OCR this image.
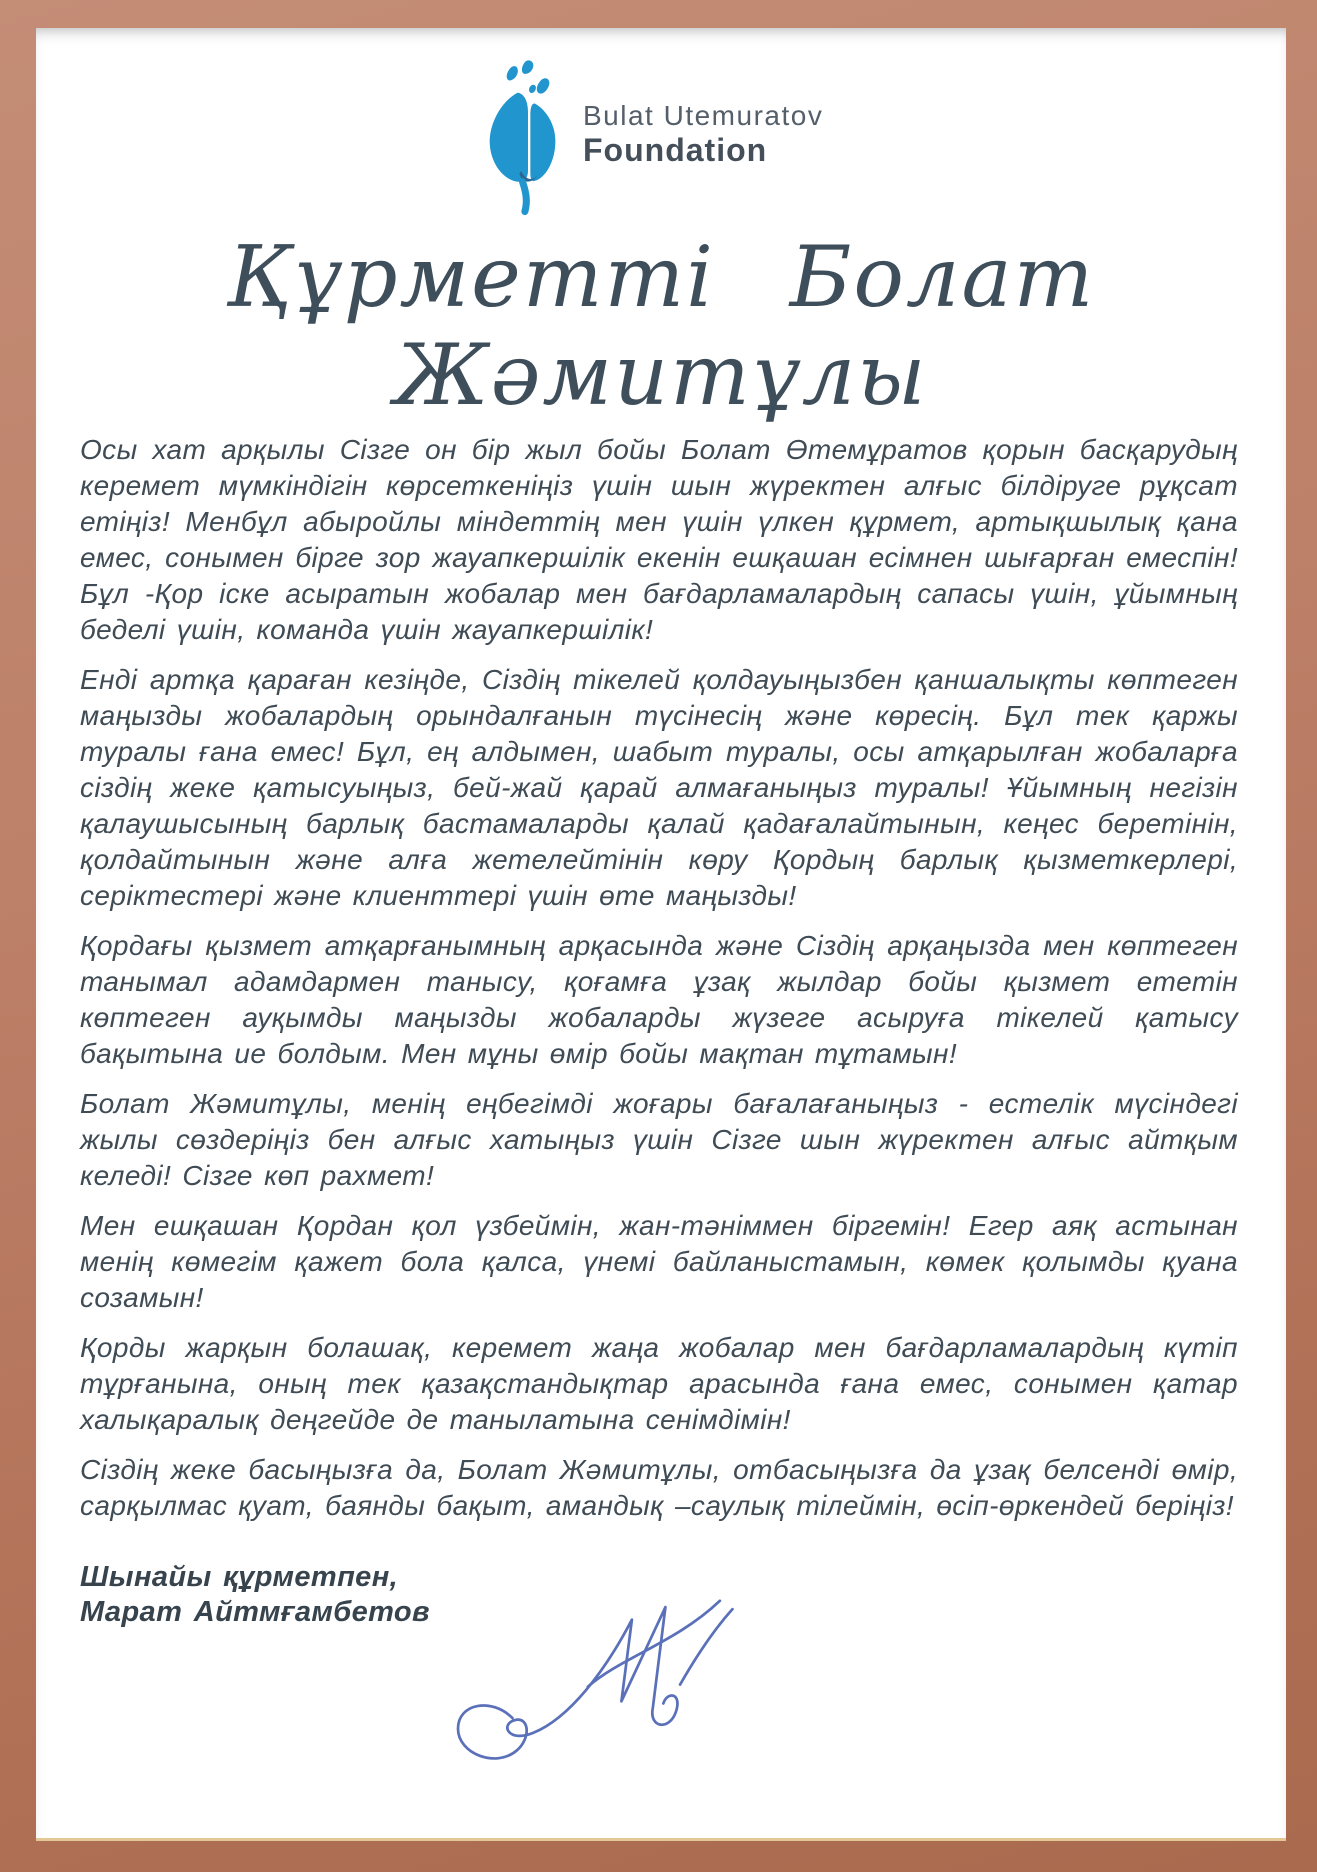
Bulat Utemuratov
Foundation
Құрметті Болат Жәмитұлы

Осы хат арқылы Сізге он бір жыл бойы Болат Өтемұратов қорын басқарудың керемет мүмкіндігін көрсеткеніңіз үшін шын жүректен алғыс білдіруге рұқсат етіңіз! Менбұл абыройлы міндеттің мен үшін үлкен құрмет, артықшылық қана емес, сонымен бірге зор жауапкершілік екенін ешқашан есімнен шығарған емеспін! Бұл -Қор іске асыратын жобалар мен бағдарламалардың сапасы үшін, ұйымның беделі үшін, команда үшін жауапкершілік!

Енді артқа қараған кезіңде, Сіздің тікелей қолдауыңызбен қаншалықты көптеген маңызды жобалардың орындалғанын түсінесің және көресің. Бұл тек қаржы туралы ғана емес! Бұл, ең алдымен, шабыт туралы, осы атқарылған жобаларға сіздің жеке қатысуыңыз, бей-жай қарай алмағаныңыз туралы! Ұйымның негізін қалаушысының барлық бастамаларды қалай қадағалайтынын, кеңес беретінін, қолдайтынын және алға жетелейтінін көру Қордың барлық қызметкерлері, серіктестері және клиенттері үшін өте маңызды!

Қордағы қызмет атқарғанымның арқасында және Сіздің арқаңызда мен көптеген танымал адамдармен танысу, қоғамға ұзақ жылдар бойы қызмет ететін көптеген ауқымды маңызды жобаларды жүзеге асыруға тікелей қатысу бақытына ие болдым. Мен мұны өмір бойы мақтан тұтамын!

Болат Жәмитұлы, менің еңбегімді жоғары бағалағаныңыз - естелік мүсіндегі жылы сөздеріңіз бен алғыс хатыңыз үшін Сізге шын жүректен алғыс айтқым келеді! Сізге көп рахмет!

Мен ешқашан Қордан қол үзбеймін, жан-тәніммен біргемін! Егер аяқ астынан менің көмегім қажет бола қалса, үнемі байланыстамын, көмек қолымды қуана созамын!

Қорды жарқын болашақ, керемет жаңа жобалар мен бағдарламалардың күтіп тұрғанына, оның тек қазақстандықтар арасында ғана емес, сонымен қатар халықаралық деңгейде де танылатына сенімдімін!

Сіздің жеке басыңызға да, Болат Жәмитұлы, отбасыңызға да ұзақ белсенді өмір, сарқылмас қуат, баянды бақыт, амандық –саулық тілеймін, өсіп-өркендей беріңіз!

Шынайы құрметпен,
Марат Айтмғамбетов
